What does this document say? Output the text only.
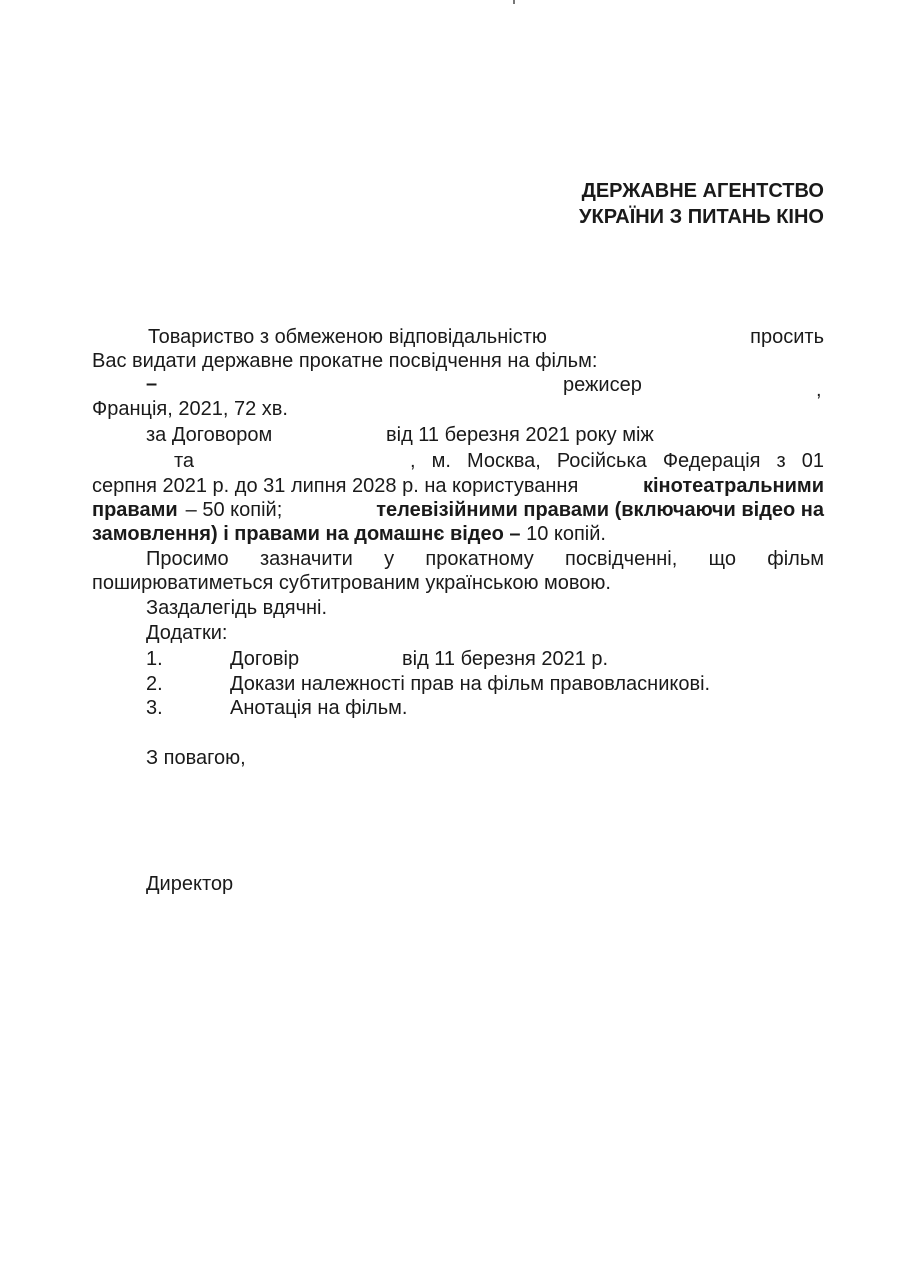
ДЕРЖАВНЕ АГЕНТСТВО
УКРАЇНИ З ПИТАНЬ КІНО
Товариство з обмеженою відповідальністю	просить
Вас видати державне прокатне посвідчення на фільм:
–	режисер	,
Франція, 2021, 72 хв.
за Договором	від 11 березня 2021 року між
та	, м. Москва, Російська Федерація з 01
серпня 2021 р. до 31 липня 2028 р. на користування	кінотеатральними
правами – 50 копій;	телевізійними правами (включаючи відео на
замовлення) і правами на домашнє відео – 10 копій.
Просимо зазначити у прокатному посвідченні, що фільм
поширюватиметься субтитрованим українською мовою.
Заздалегідь вдячні.
Додатки:
1.	Договір	від 11 березня 2021 р.
2.	Докази належності прав на фільм правовласникові.
3.	Анотація на фільм.
З повагою,
Директор
